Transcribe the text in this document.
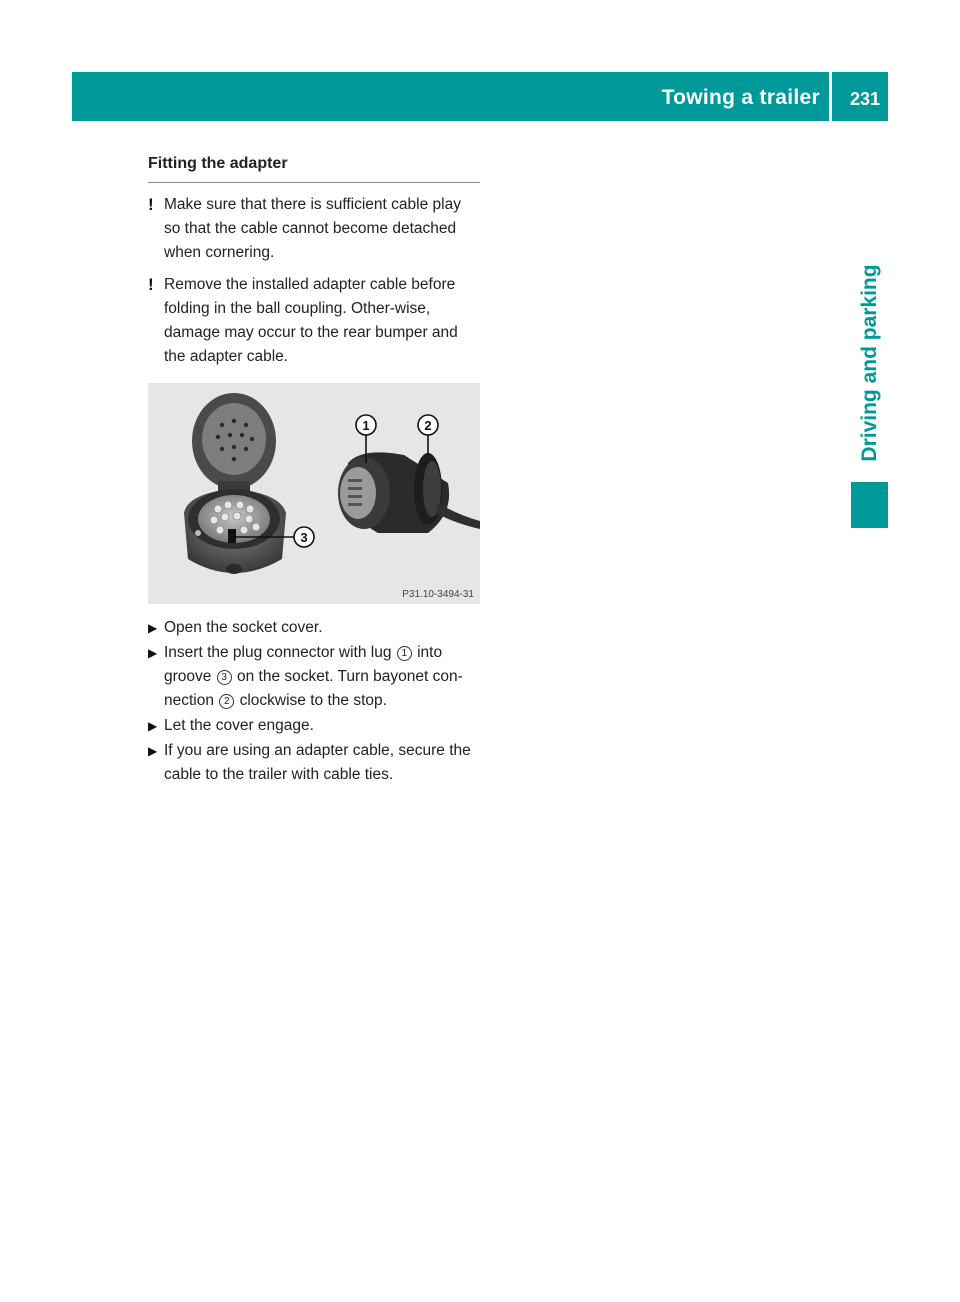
Towing a trailer 231
Driving and parking
Fitting the adapter
! Make sure that there is sufficient cable play so that the cable cannot become detached when cornering.
! Remove the installed adapter cable before folding in the ball coupling. Other-wise, damage may occur to the rear bumper and the adapter cable.
3
1	2
P31.10-3494-31
▶ Open the socket cover.
▶ Insert the plug connector with lug 1 into groove 3 on the socket. Turn bayonet con-nection 2 clockwise to the stop.
▶ Let the cover engage.
▶ If you are using an adapter cable, secure the cable to the trailer with cable ties.
